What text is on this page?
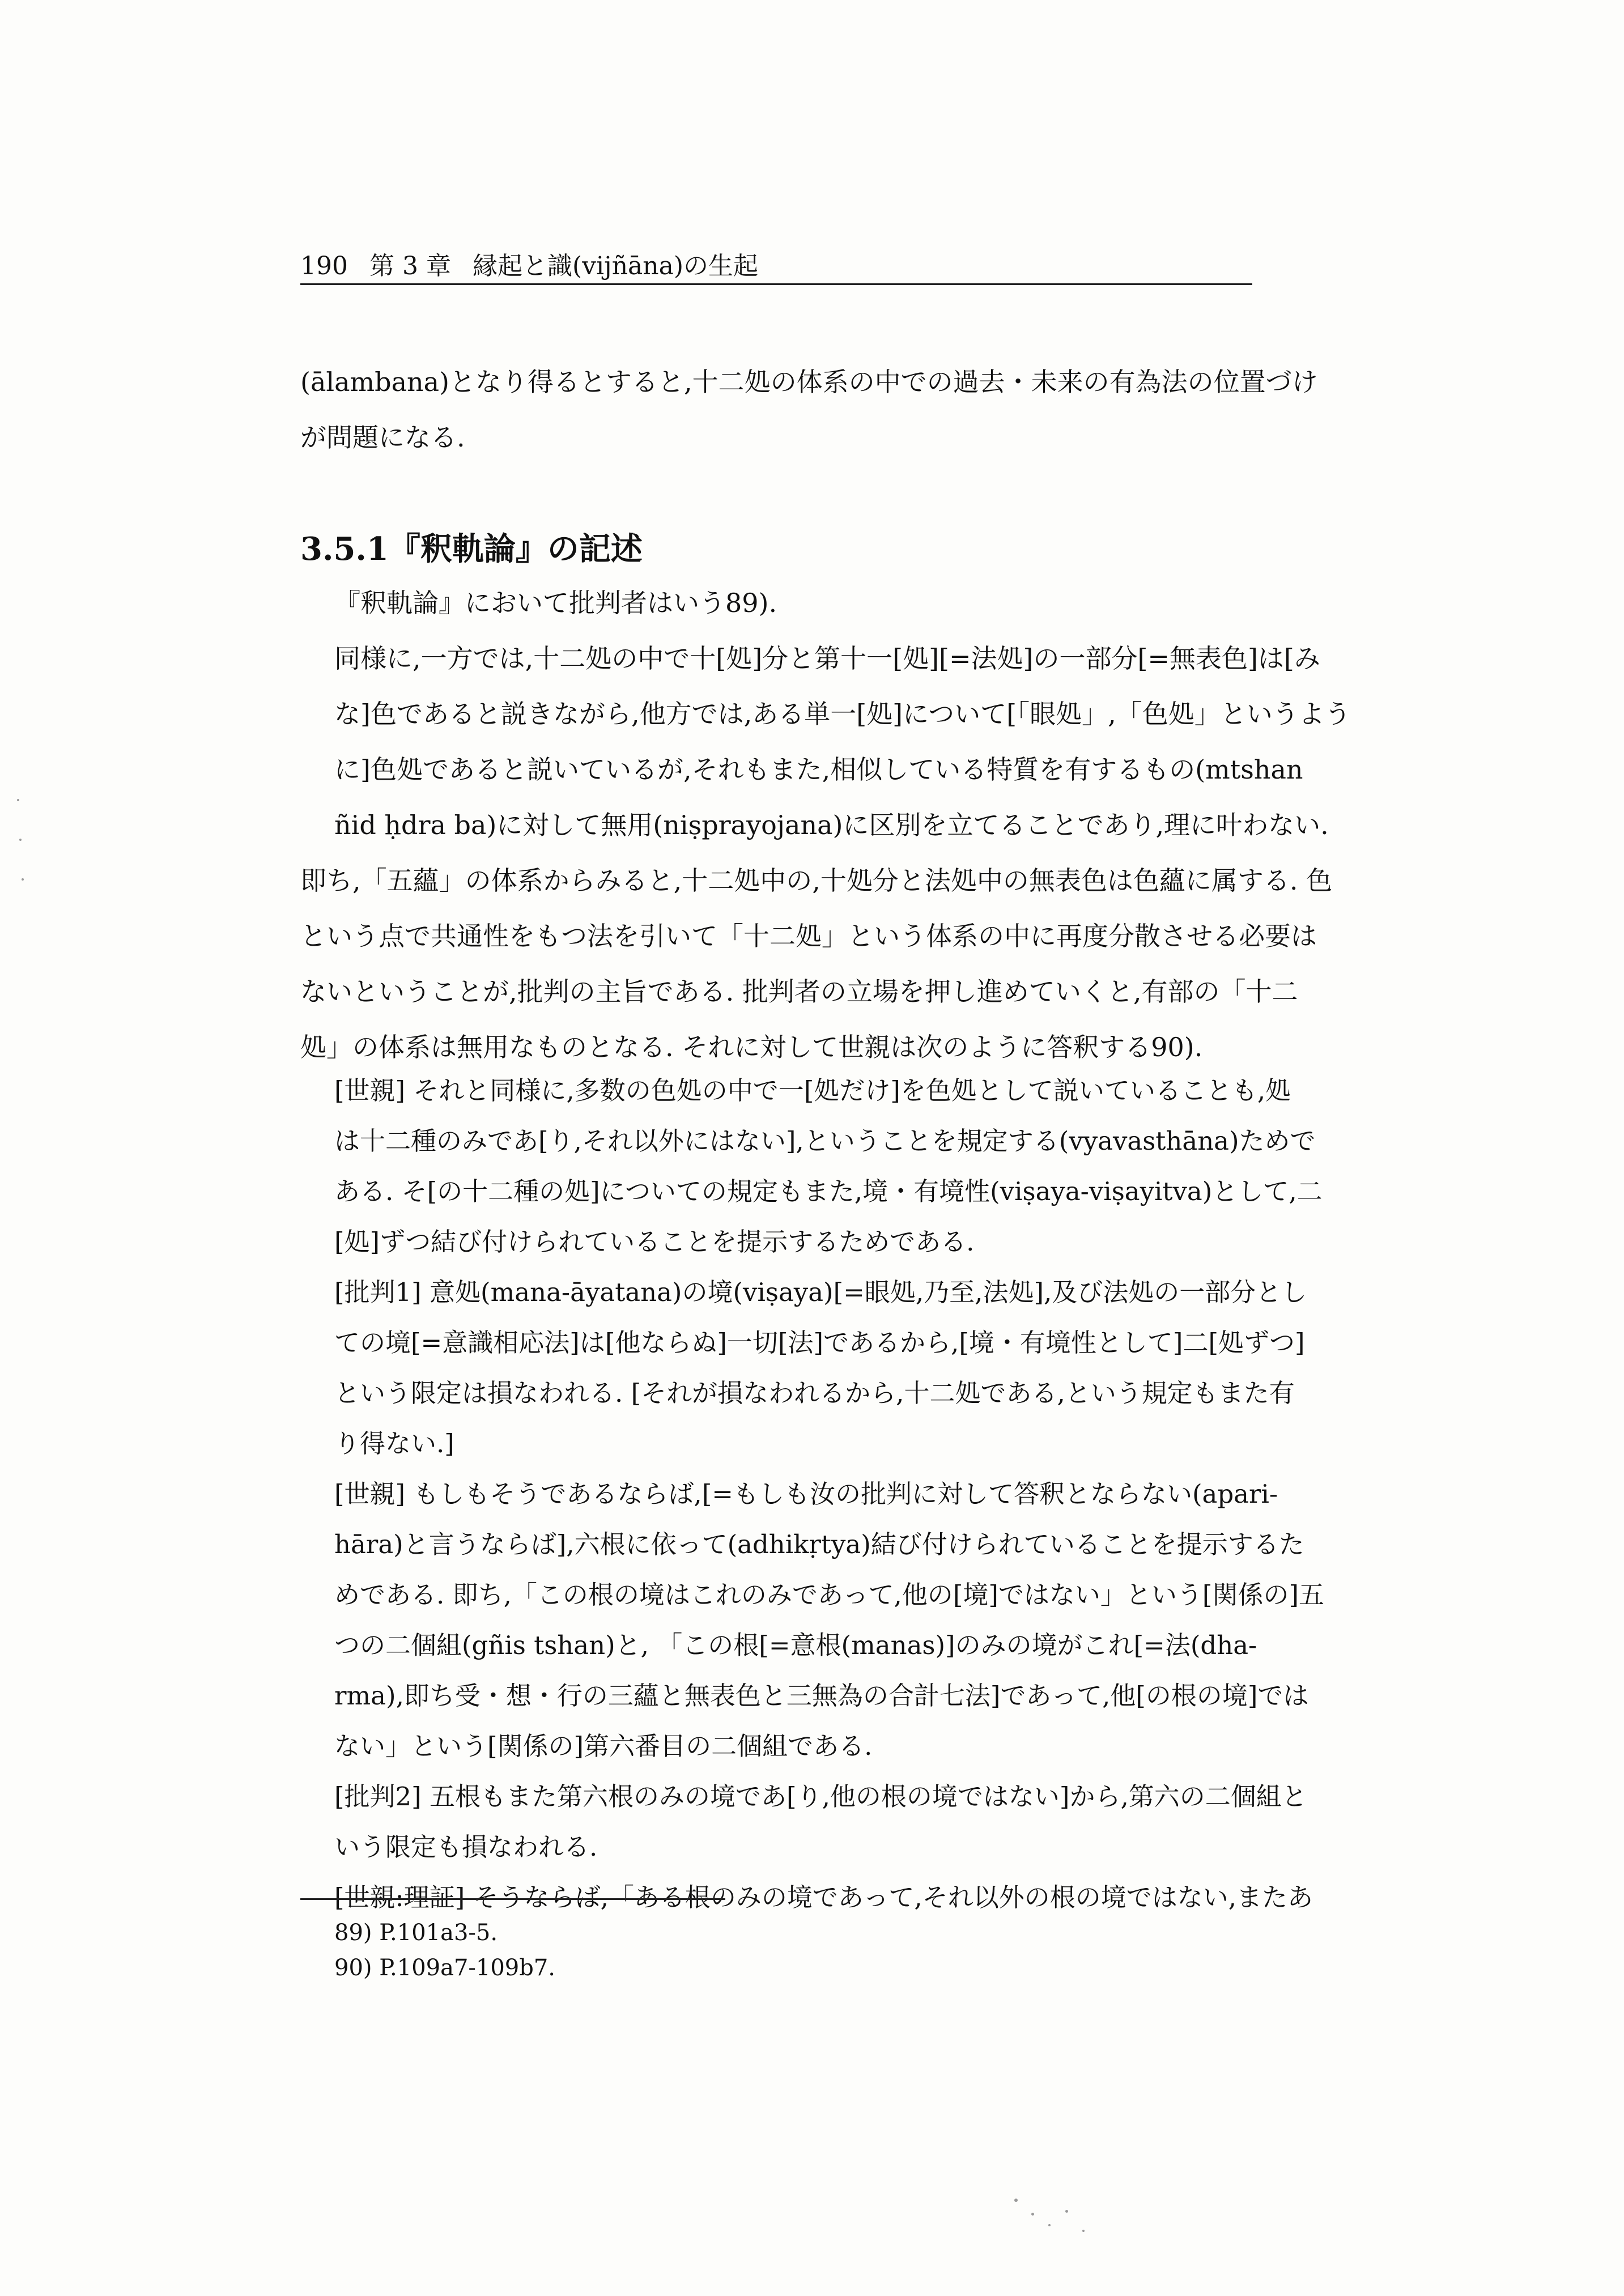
190 第 3 章 縁起と識(vijñāna)の生起
(ālambana)となり得るとすると,十二処の体系の中での過去・未来の有為法の位置づけ
が問題になる.
3.5.1『釈軌論』の記述
『釈軌論』において批判者はいう89).
同様に,一方では,十二処の中で十[処]分と第十一[処][=法処]の一部分[=無表色]は[み
な]色であると説きながら,他方では,ある単一[処]について[「眼処」,「色処」というよう
に]色処であると説いているが,それもまた,相似している特質を有するもの(mtshan
ñid ḥdra ba)に対して無用(niṣprayojana)に区別を立てることであり,理に叶わない.
即ち,「五蘊」の体系からみると,十二処中の,十処分と法処中の無表色は色蘊に属する. 色
という点で共通性をもつ法を引いて「十二処」という体系の中に再度分散させる必要は
ないということが,批判の主旨である. 批判者の立場を押し進めていくと,有部の「十二
処」の体系は無用なものとなる. それに対して世親は次のように答釈する90).
[世親] それと同様に,多数の色処の中で一[処だけ]を色処として説いていることも,処
は十二種のみであ[り,それ以外にはない],ということを規定する(vyavasthāna)ためで
ある. そ[の十二種の処]についての規定もまた,境・有境性(viṣaya-viṣayitva)として,二
[処]ずつ結び付けられていることを提示するためである.
[批判1] 意処(mana-āyatana)の境(viṣaya)[=眼処,乃至,法処],及び法処の一部分とし
ての境[=意識相応法]は[他ならぬ]一切[法]であるから,[境・有境性として]二[処ずつ]
という限定は損なわれる. [それが損なわれるから,十二処である,という規定もまた有
り得ない.]
[世親] もしもそうであるならば,[=もしも汝の批判に対して答釈とならない(apari-
hāra)と言うならば],六根に依って(adhikṛtya)結び付けられていることを提示するた
めである. 即ち,「この根の境はこれのみであって,他の[境]ではない」という[関係の]五
つの二個組(gñis tshan)と, 「この根[=意根(manas)]のみの境がこれ[=法(dha-
rma),即ち受・想・行の三蘊と無表色と三無為の合計七法]であって,他[の根の境]では
ない」という[関係の]第六番目の二個組である.
[批判2] 五根もまた第六根のみの境であ[り,他の根の境ではない]から,第六の二個組と
いう限定も損なわれる.
[世親:理証] そうならば,「ある根のみの境であって,それ以外の根の境ではない,またあ
89) P.101a3-5.
90) P.109a7-109b7.
